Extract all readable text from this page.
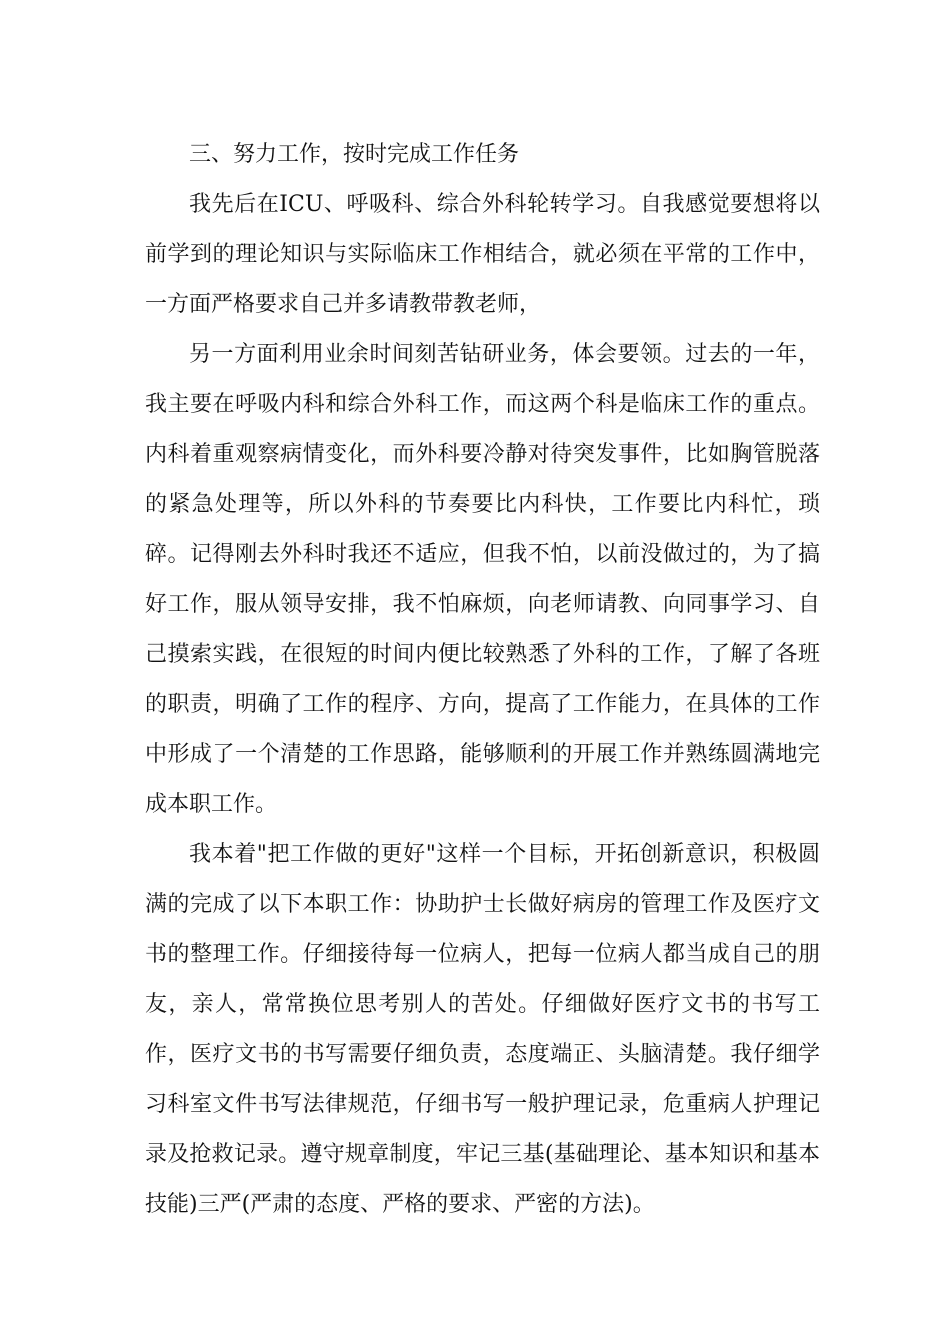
三、努力工作，按时完成工作任务

我先后在ICU、呼吸科、综合外科轮转学习。自我感觉要想将以前学到的理论知识与实际临床工作相结合，就必须在平常的工作中，一方面严格要求自己并多请教带教老师，

另一方面利用业余时间刻苦钻研业务，体会要领。过去的一年，我主要在呼吸内科和综合外科工作，而这两个科是临床工作的重点。内科着重观察病情变化，而外科要冷静对待突发事件，比如胸管脱落的紧急处理等，所以外科的节奏要比内科快，工作要比内科忙，琐碎。记得刚去外科时我还不适应，但我不怕，以前没做过的，为了搞好工作，服从领导安排，我不怕麻烦，向老师请教、向同事学习、自己摸索实践，在很短的时间内便比较熟悉了外科的工作，了解了各班的职责，明确了工作的程序、方向，提高了工作能力，在具体的工作中形成了一个清楚的工作思路，能够顺利的开展工作并熟练圆满地完成本职工作。

我本着"把工作做的更好"这样一个目标，开拓创新意识，积极圆满的完成了以下本职工作：协助护士长做好病房的管理工作及医疗文书的整理工作。仔细接待每一位病人，把每一位病人都当成自己的朋友，亲人，常常换位思考别人的苦处。仔细做好医疗文书的书写工作，医疗文书的书写需要仔细负责，态度端正、头脑清楚。我仔细学习科室文件书写法律规范，仔细书写一般护理记录，危重病人护理记录及抢救记录。遵守规章制度，牢记三基(基础理论、基本知识和基本技能)三严(严肃的态度、严格的要求、严密的方法)。
